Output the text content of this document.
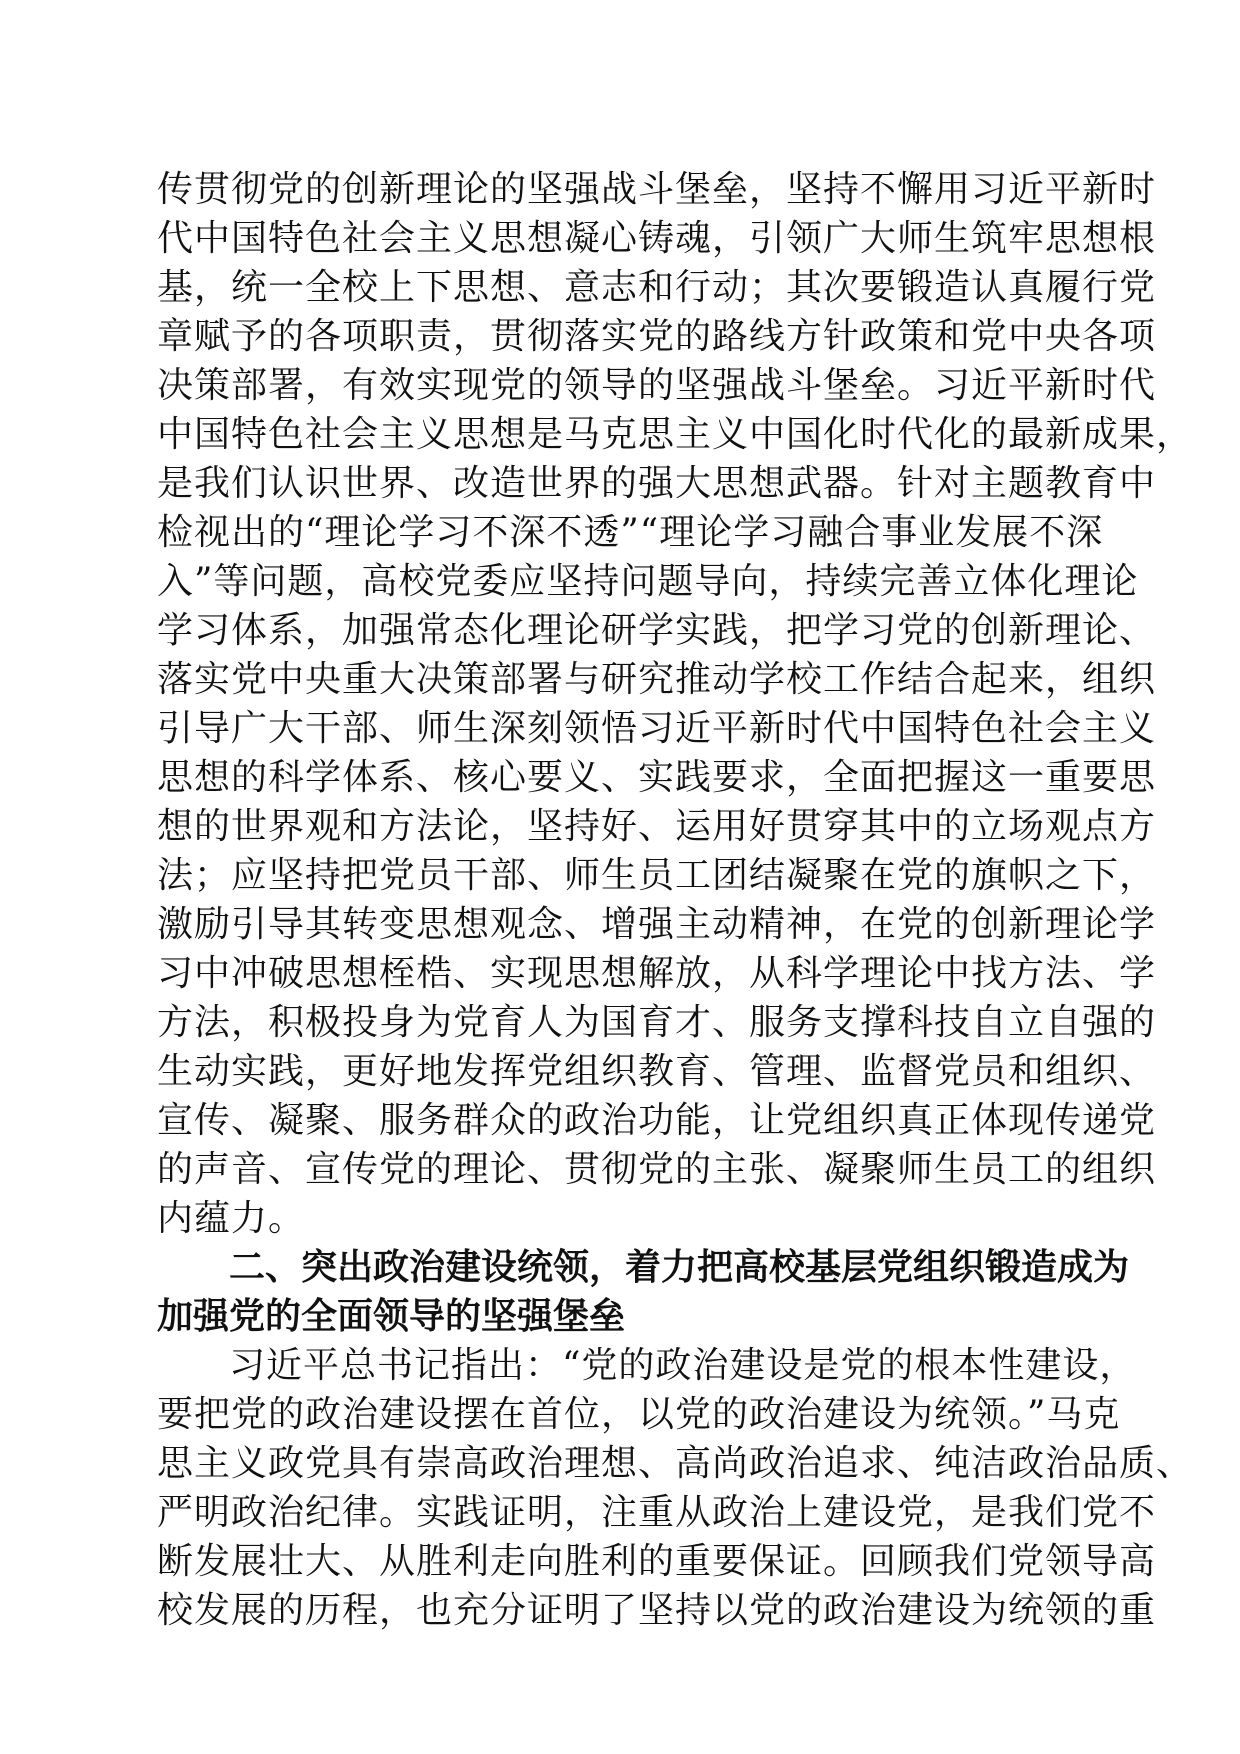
传贯彻党的创新理论的坚强战斗堡垒，坚持不懈用习近平新时
代中国特色社会主义思想凝心铸魂，引领广大师生筑牢思想根
基，统一全校上下思想、意志和行动；其次要锻造认真履行党
章赋予的各项职责，贯彻落实党的路线方针政策和党中央各项
决策部署，有效实现党的领导的坚强战斗堡垒。习近平新时代
中国特色社会主义思想是马克思主义中国化时代化的最新成果，
是我们认识世界、改造世界的强大思想武器。针对主题教育中
检视出的“理论学习不深不透”“理论学习融合事业发展不深
入”等问题，高校党委应坚持问题导向，持续完善立体化理论
学习体系，加强常态化理论研学实践，把学习党的创新理论、
落实党中央重大决策部署与研究推动学校工作结合起来，组织
引导广大干部、师生深刻领悟习近平新时代中国特色社会主义
思想的科学体系、核心要义、实践要求，全面把握这一重要思
想的世界观和方法论，坚持好、运用好贯穿其中的立场观点方
法；应坚持把党员干部、师生员工团结凝聚在党的旗帜之下，
激励引导其转变思想观念、增强主动精神，在党的创新理论学
习中冲破思想桎梏、实现思想解放，从科学理论中找方法、学
方法，积极投身为党育人为国育才、服务支撑科技自立自强的
生动实践，更好地发挥党组织教育、管理、监督党员和组织、
宣传、凝聚、服务群众的政治功能，让党组织真正体现传递党
的声音、宣传党的理论、贯彻党的主张、凝聚师生员工的组织
内蕴力。
二、突出政治建设统领，着力把高校基层党组织锻造成为
加强党的全面领导的坚强堡垒
习近平总书记指出：“党的政治建设是党的根本性建设，
要把党的政治建设摆在首位，以党的政治建设为统领。”马克
思主义政党具有崇高政治理想、高尚政治追求、纯洁政治品质、
严明政治纪律。实践证明，注重从政治上建设党，是我们党不
断发展壮大、从胜利走向胜利的重要保证。回顾我们党领导高
校发展的历程，也充分证明了坚持以党的政治建设为统领的重
